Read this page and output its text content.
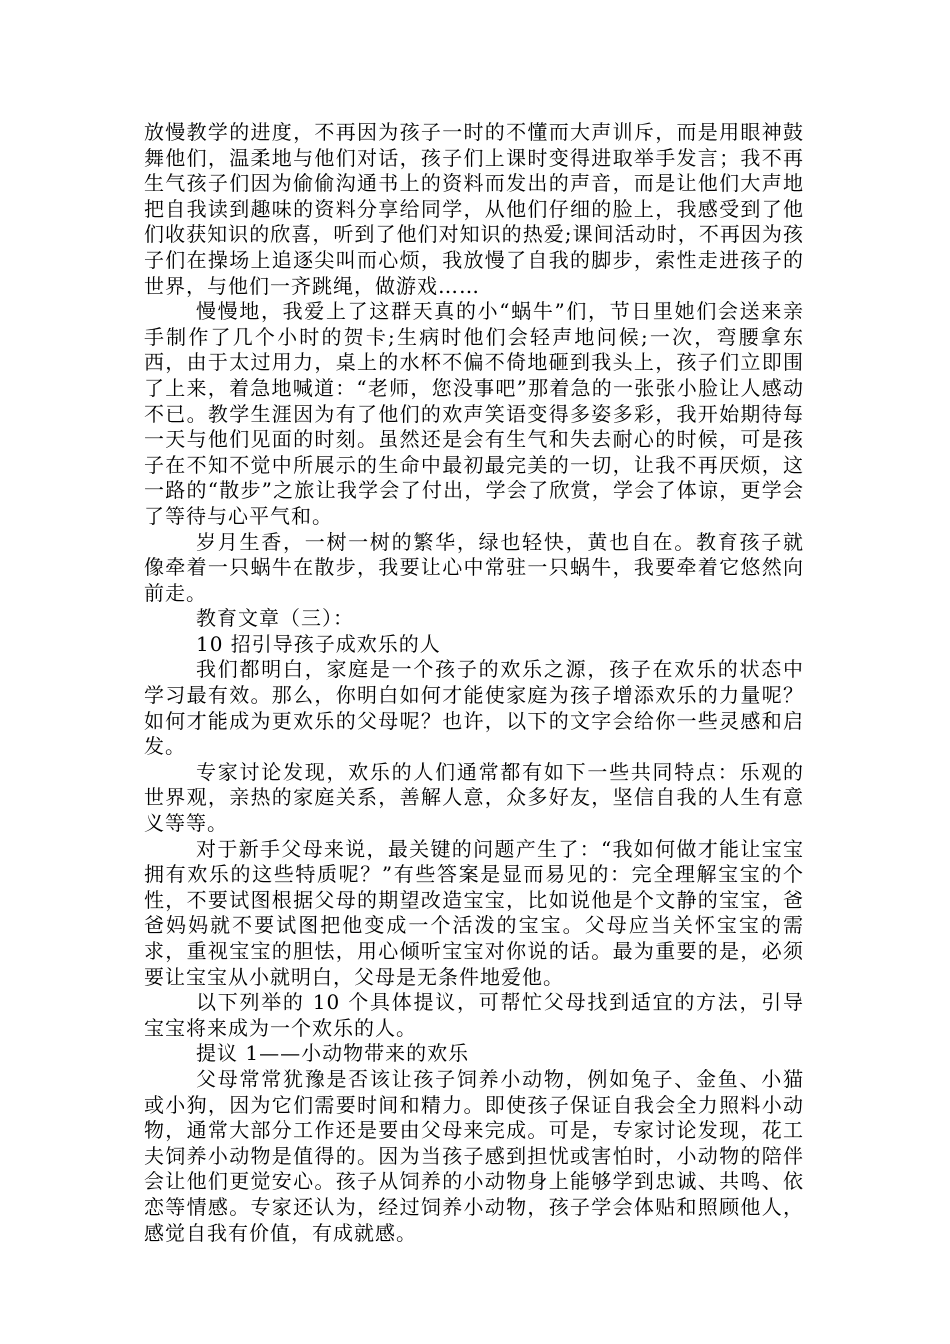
放慢教学的进度，不再因为孩子一时的不懂而大声训斥，而是用眼神鼓舞他们，温柔地与他们对话，孩子们上课时变得进取举手发言；我不再生气孩子们因为偷偷沟通书上的资料而发出的声音，而是让他们大声地把自我读到趣味的资料分享给同学，从他们仔细的脸上，我感受到了他们收获知识的欣喜，听到了他们对知识的热爱;课间活动时，不再因为孩子们在操场上追逐尖叫而心烦，我放慢了自我的脚步，索性走进孩子的世界，与他们一齐跳绳，做游戏……

慢慢地，我爱上了这群天真的小“蜗牛”们，节日里她们会送来亲手制作了几个小时的贺卡;生病时他们会轻声地问候;一次，弯腰拿东西，由于太过用力，桌上的水杯不偏不倚地砸到我头上，孩子们立即围了上来，着急地喊道：“老师，您没事吧”那着急的一张张小脸让人感动不已。教学生涯因为有了他们的欢声笑语变得多姿多彩，我开始期待每一天与他们见面的时刻。虽然还是会有生气和失去耐心的时候，可是孩子在不知不觉中所展示的生命中最初最完美的一切，让我不再厌烦，这一路的“散步”之旅让我学会了付出，学会了欣赏，学会了体谅，更学会了等待与心平气和。

岁月生香，一树一树的繁华，绿也轻快，黄也自在。教育孩子就像牵着一只蜗牛在散步，我要让心中常驻一只蜗牛，我要牵着它悠然向前走。

教育文章（三）：

10 招引导孩子成欢乐的人

我们都明白，家庭是一个孩子的欢乐之源，孩子在欢乐的状态中学习最有效。那么，你明白如何才能使家庭为孩子增添欢乐的力量呢？如何才能成为更欢乐的父母呢？也许，以下的文字会给你一些灵感和启发。

专家讨论发现，欢乐的人们通常都有如下一些共同特点：乐观的世界观，亲热的家庭关系，善解人意，众多好友，坚信自我的人生有意义等等。

对于新手父母来说，最关键的问题产生了：“我如何做才能让宝宝拥有欢乐的这些特质呢？”有些答案是显而易见的：完全理解宝宝的个性，不要试图根据父母的期望改造宝宝，比如说他是个文静的宝宝，爸爸妈妈就不要试图把他变成一个活泼的宝宝。父母应当关怀宝宝的需求，重视宝宝的胆怯，用心倾听宝宝对你说的话。最为重要的是，必须要让宝宝从小就明白，父母是无条件地爱他。

以下列举的 10 个具体提议，可帮忙父母找到适宜的方法，引导宝宝将来成为一个欢乐的人。

提议 1——小动物带来的欢乐

父母常常犹豫是否该让孩子饲养小动物，例如兔子、金鱼、小猫或小狗，因为它们需要时间和精力。即使孩子保证自我会全力照料小动物，通常大部分工作还是要由父母来完成。可是，专家讨论发现，花工夫饲养小动物是值得的。因为当孩子感到担忧或害怕时，小动物的陪伴会让他们更觉安心。孩子从饲养的小动物身上能够学到忠诚、共鸣、依恋等情感。专家还认为，经过饲养小动物，孩子学会体贴和照顾他人，感觉自我有价值，有成就感。
